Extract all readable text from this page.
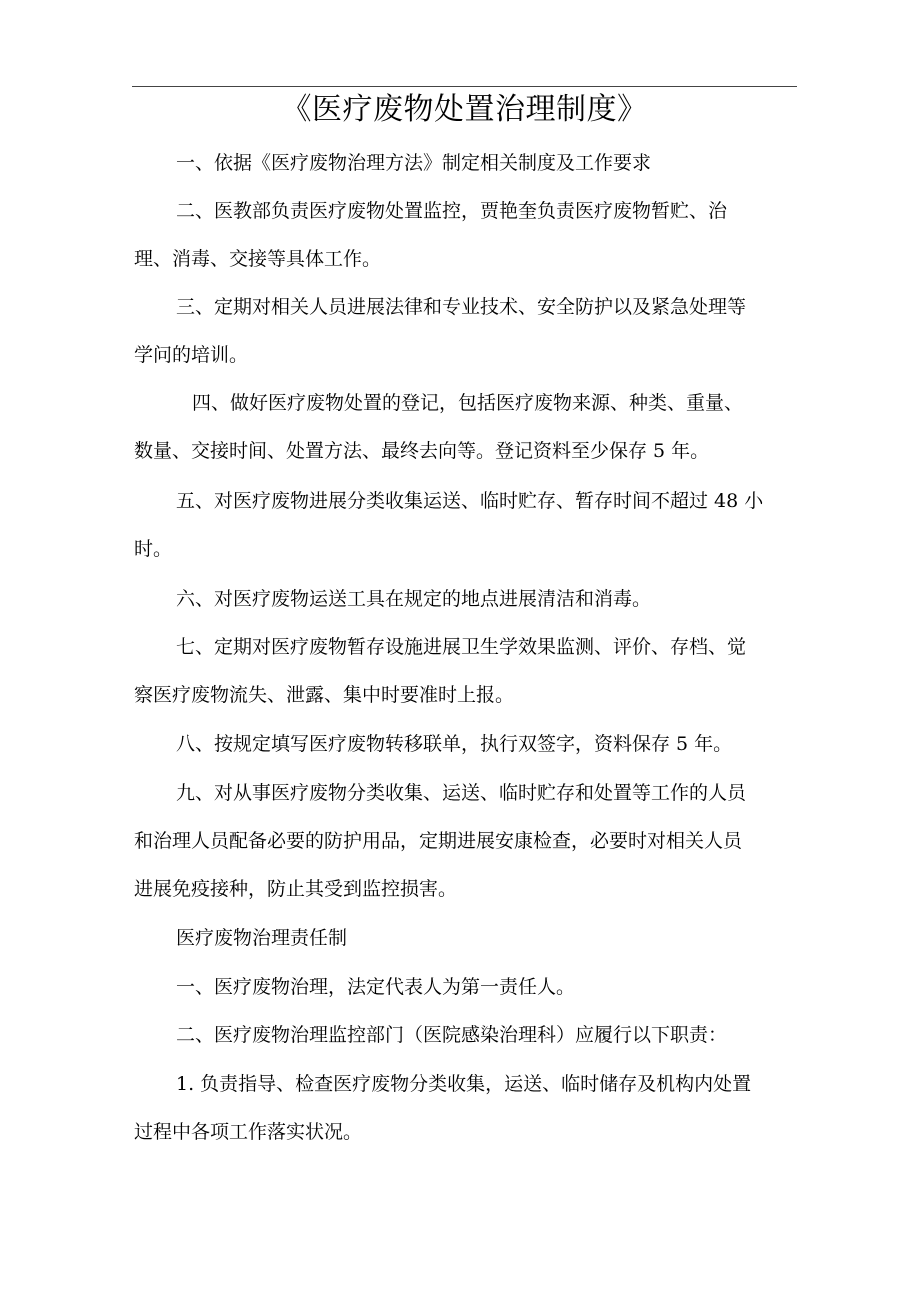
《医疗废物处置治理制度》
一、依据《医疗废物治理方法》制定相关制度及工作要求
二、医教部负责医疗废物处置监控，贾艳奎负责医疗废物暂贮、治
理、消毒、交接等具体工作。
三、定期对相关人员进展法律和专业技术、安全防护以及紧急处理等
学问的培训。
四、做好医疗废物处置的登记，包括医疗废物来源、种类、重量、
数量、交接时间、处置方法、最终去向等。登记资料至少保存 5 年。
五、对医疗废物进展分类收集运送、临时贮存、暂存时间不超过 48 小
时。
六、对医疗废物运送工具在规定的地点进展清洁和消毒。
七、定期对医疗废物暂存设施进展卫生学效果监测、评价、存档、觉
察医疗废物流失、泄露、集中时要准时上报。
八、按规定填写医疗废物转移联单，执行双签字，资料保存 5 年。
九、对从事医疗废物分类收集、运送、临时贮存和处置等工作的人员
和治理人员配备必要的防护用品，定期进展安康检查，必要时对相关人员
进展免疫接种，防止其受到监控损害。
医疗废物治理责任制
一、医疗废物治理，法定代表人为第一责任人。
二、医疗废物治理监控部门（医院感染治理科）应履行以下职责：
1. 负责指导、检查医疗废物分类收集，运送、临时储存及机构内处置
过程中各项工作落实状况。
